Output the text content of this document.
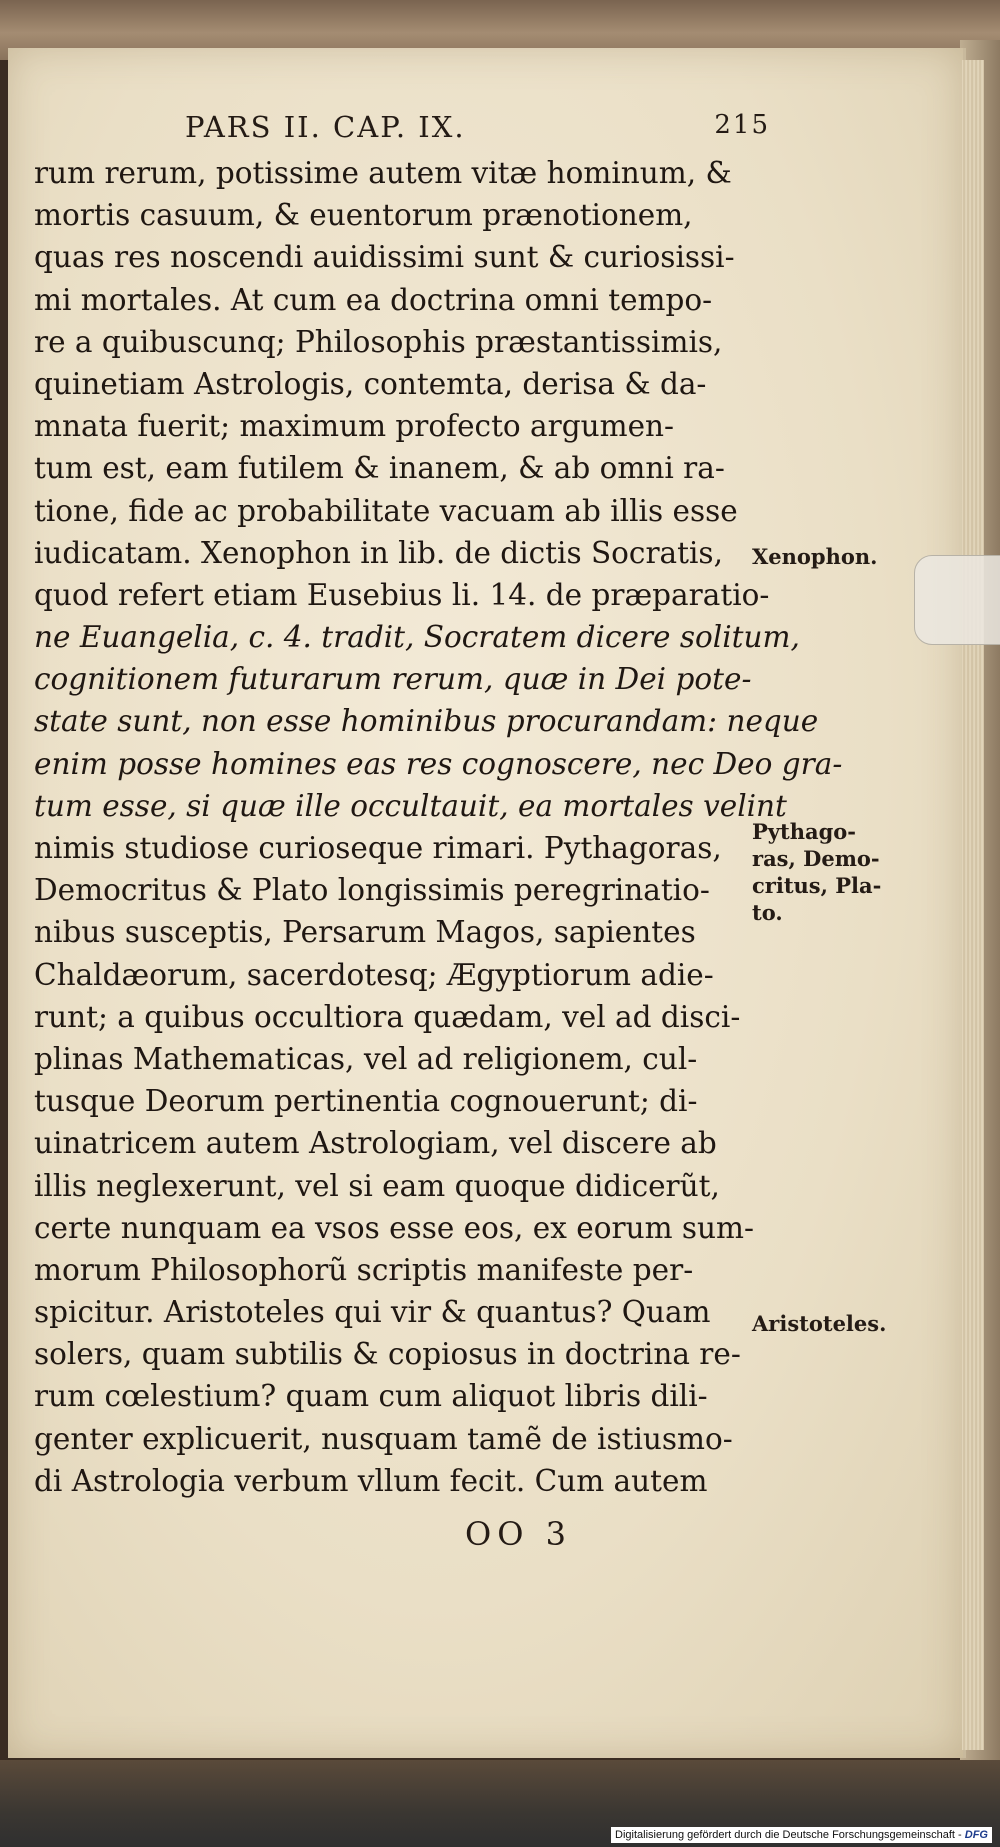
PARS II. CAP. IX.	215
rum rerum, potissime autem vitæ hominum, &
mortis casuum, & euentorum prænotionem,
quas res noscendi auidissimi sunt & curiosissi-
mi mortales. At cum ea doctrina omni tempo-
re a quibuscunq; Philosophis præstantissimis,
quinetiam Astrologis, contemta, derisa & da-
mnata fuerit; maximum profecto argumen-
tum est, eam futilem & inanem, & ab omni ra-
tione, fide ac probabilitate vacuam ab illis esse
iudicatam. Xenophon in lib. de dictis Socratis,
quod refert etiam Eusebius li. 14. de præparatio-
ne Euangelia, c. 4. tradit, Socratem dicere solitum,
cognitionem futurarum rerum, quæ in Dei pote-
state sunt, non esse hominibus procurandam: neque
enim posse homines eas res cognoscere, nec Deo gra-
tum esse, si quæ ille occultauit, ea mortales velint
nimis studiose curioseque rimari. Pythagoras,
Democritus & Plato longissimis peregrinatio-
nibus susceptis, Persarum Magos, sapientes
Chaldæorum, sacerdotesq; Ægyptiorum adie-
runt; a quibus occultiora quædam, vel ad disci-
plinas Mathematicas, vel ad religionem, cul-
tusque Deorum pertinentia cognouerunt; di-
uinatricem autem Astrologiam, vel discere ab
illis neglexerunt, vel si eam quoque didicerũt,
certe nunquam ea vsos esse eos, ex eorum sum-
morum Philosophorũ scriptis manifeste per-
spicitur. Aristoteles qui vir & quantus? Quam
solers, quam subtilis & copiosus in doctrina re-
rum cœlestium? quam cum aliquot libris dili-
genter explicuerit, nusquam tamẽ de istiusmo-
di Astrologia verbum vllum fecit. Cum autem
Xenophon.
Pythago-
ras, Demo-
critus, Pla-
to.
Aristoteles.
OO 3
Digitalisierung gefördert durch die Deutsche Forschungsgemeinschaft - DFG
